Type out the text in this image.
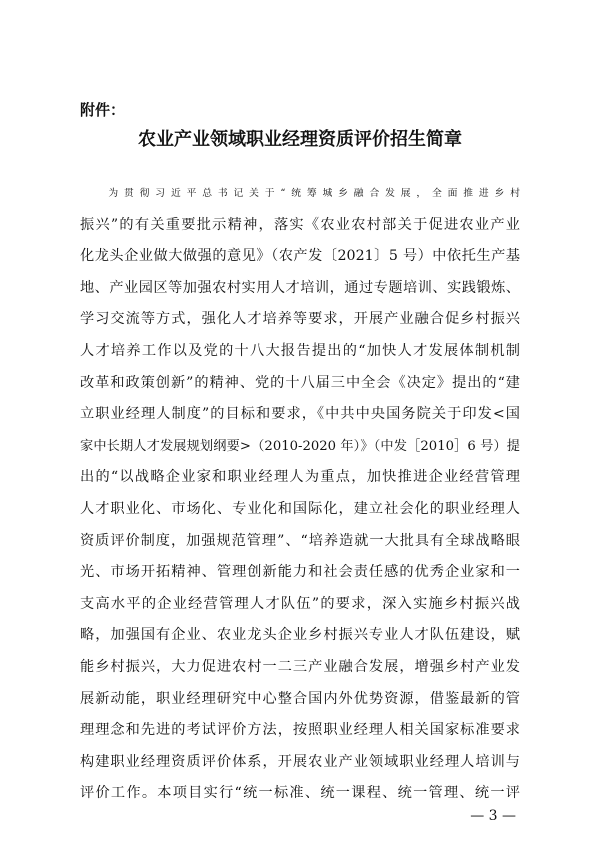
附件：
农业产业领域职业经理资质评价招生简章
为贯彻习近平总书记关于“统筹城乡融合发展，全面推进乡村
振兴”的有关重要批示精神，落实《农业农村部关于促进农业产业
化龙头企业做大做强的意见》（农产发〔2021〕5 号）中依托生产基
地、产业园区等加强农村实用人才培训，通过专题培训、实践锻炼、
学习交流等方式，强化人才培养等要求，开展产业融合促乡村振兴
人才培养工作以及党的十八大报告提出的“加快人才发展体制机制
改革和政策创新”的精神、党的十八届三中全会《决定》提出的“建
立职业经理人制度”的目标和要求，《中共中央国务院关于印发<国
家中长期人才发展规划纲要>（2010-2020 年）》（中发［2010］6 号）提
出的“以战略企业家和职业经理人为重点，加快推进企业经营管理
人才职业化、市场化、专业化和国际化，建立社会化的职业经理人
资质评价制度，加强规范管理”、“培养造就一大批具有全球战略眼
光、市场开拓精神、管理创新能力和社会责任感的优秀企业家和一
支高水平的企业经营管理人才队伍”的要求，深入实施乡村振兴战
略，加强国有企业、农业龙头企业乡村振兴专业人才队伍建设，赋
能乡村振兴，大力促进农村一二三产业融合发展，增强乡村产业发
展新动能，职业经理研究中心整合国内外优势资源，借鉴最新的管
理理念和先进的考试评价方法，按照职业经理人相关国家标准要求
构建职业经理资质评价体系，开展农业产业领域职业经理人培训与
评价工作。本项目实行“统一标准、统一课程、统一管理、统一评
— 3 —
